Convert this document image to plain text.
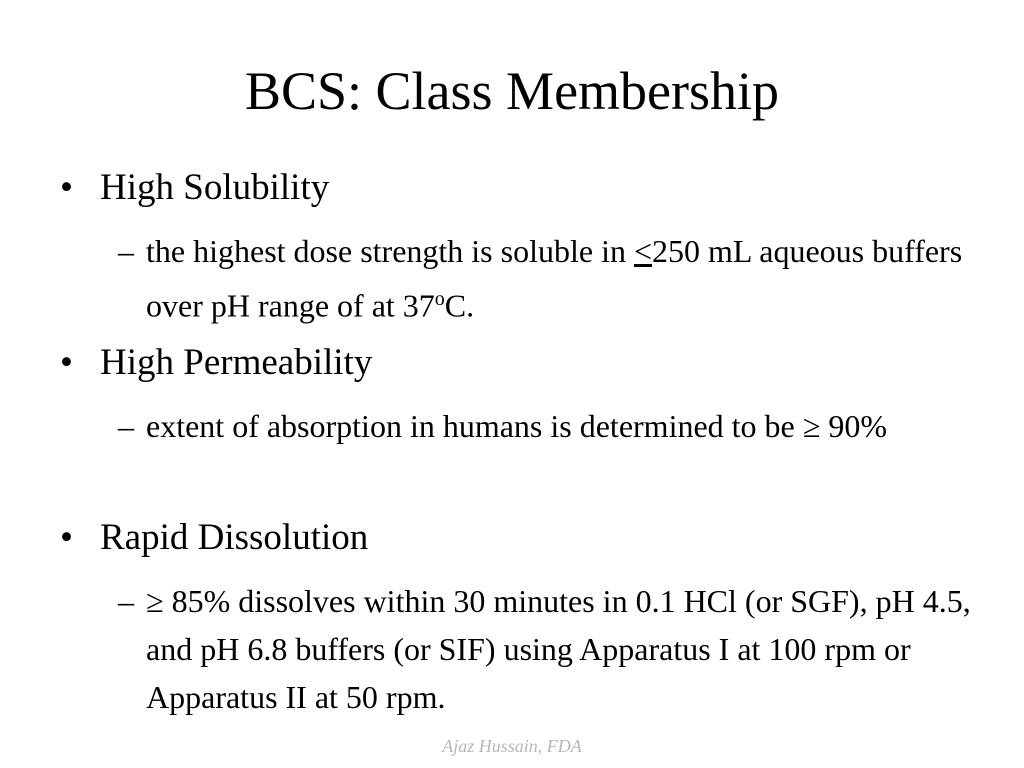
BCS: Class Membership
• High Solubility
– the highest dose strength is soluble in ≤250 mL aqueous buffers over pH range of at 37$^o$C.
• High Permeability
– extent of absorption in humans is determined to be ≥ 90%
• Rapid Dissolution
– ≥ 85% dissolves within 30 minutes in 0.1 HCl (or SGF), pH 4.5, and pH 6.8 buffers (or SIF) using Apparatus I at 100 rpm or Apparatus II at 50 rpm.
Ajaz Hussain, FDA
